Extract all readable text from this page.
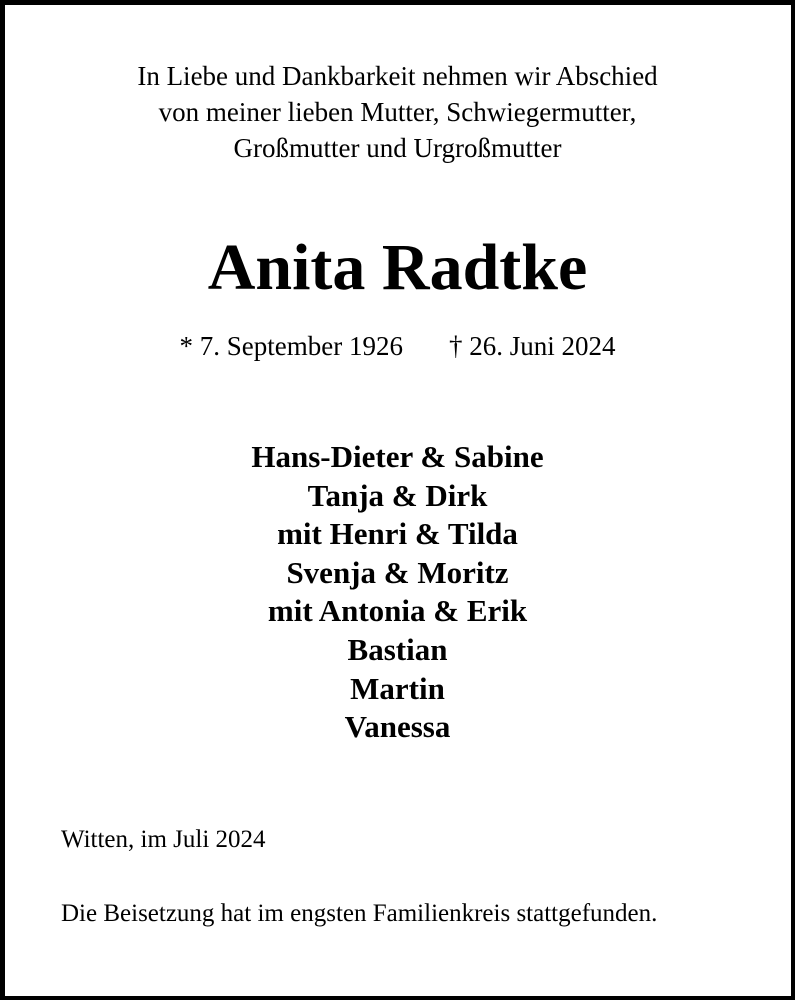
In Liebe und Dankbarkeit nehmen wir Abschied
von meiner lieben Mutter, Schwiegermutter,
Großmutter und Urgroßmutter
Anita Radtke
* 7. September 1926 † 26. Juni 2024
Hans-Dieter & Sabine
Tanja & Dirk
mit Henri & Tilda
Svenja & Moritz
mit Antonia & Erik
Bastian
Martin
Vanessa
Witten, im Juli 2024
Die Beisetzung hat im engsten Familienkreis stattgefunden.
